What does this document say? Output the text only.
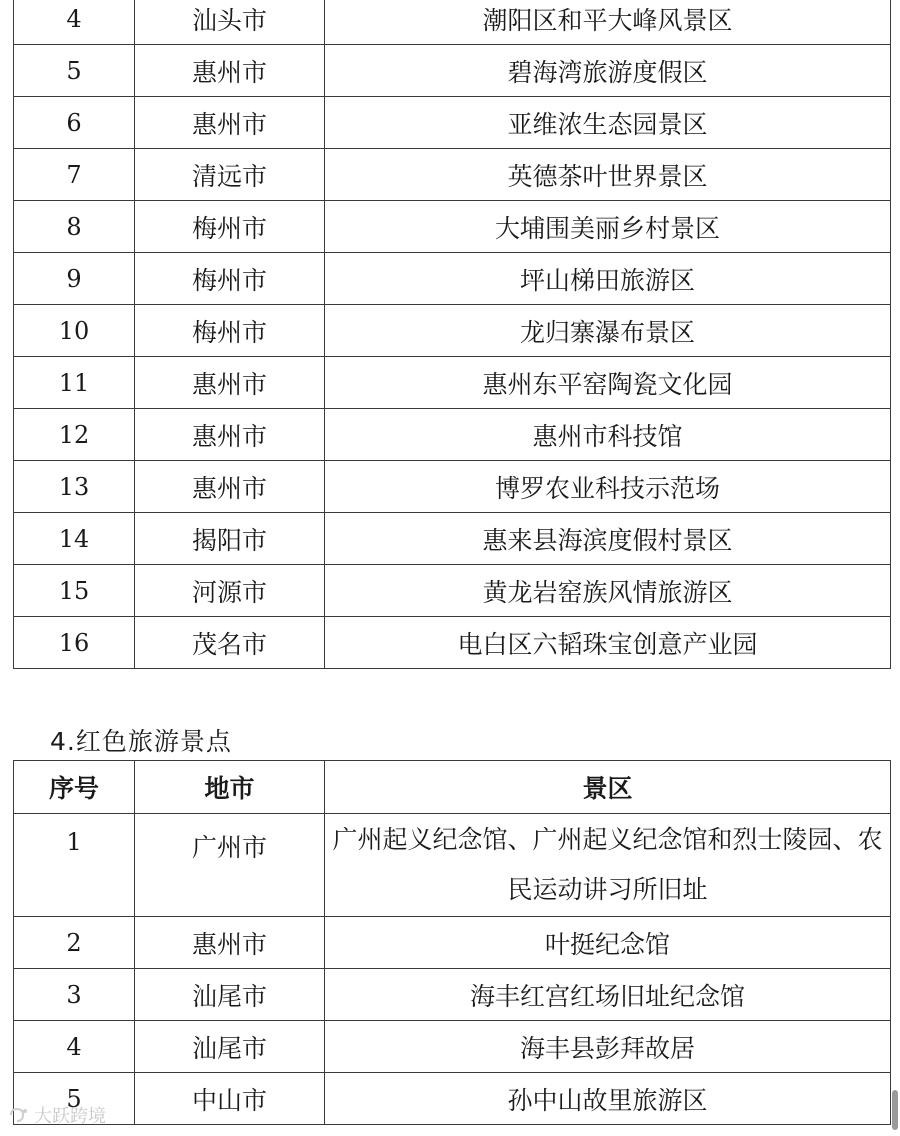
4	汕头市	潮阳区和平大峰风景区
5	惠州市	碧海湾旅游度假区
6	惠州市	亚维浓生态园景区
7	清远市	英德茶叶世界景区
8	梅州市	大埔围美丽乡村景区
9	梅州市	坪山梯田旅游区
10	梅州市	龙归寨瀑布景区
11	惠州市	惠州东平窑陶瓷文化园
12	惠州市	惠州市科技馆
13	惠州市	博罗农业科技示范场
14	揭阳市	惠来县海滨度假村景区
15	河源市	黄龙岩窑族风情旅游区
16	茂名市	电白区六韬珠宝创意产业园
4.红色旅游景点
序号	地市	景区
1	广州市	广州起义纪念馆、广州起义纪念馆和烈士陵园、农民运动讲习所旧址
2	惠州市	叶挺纪念馆
3	汕尾市	海丰红宫红场旧址纪念馆
4	汕尾市	海丰县彭拜故居
5	中山市	孙中山故里旅游区
大跃跨境
